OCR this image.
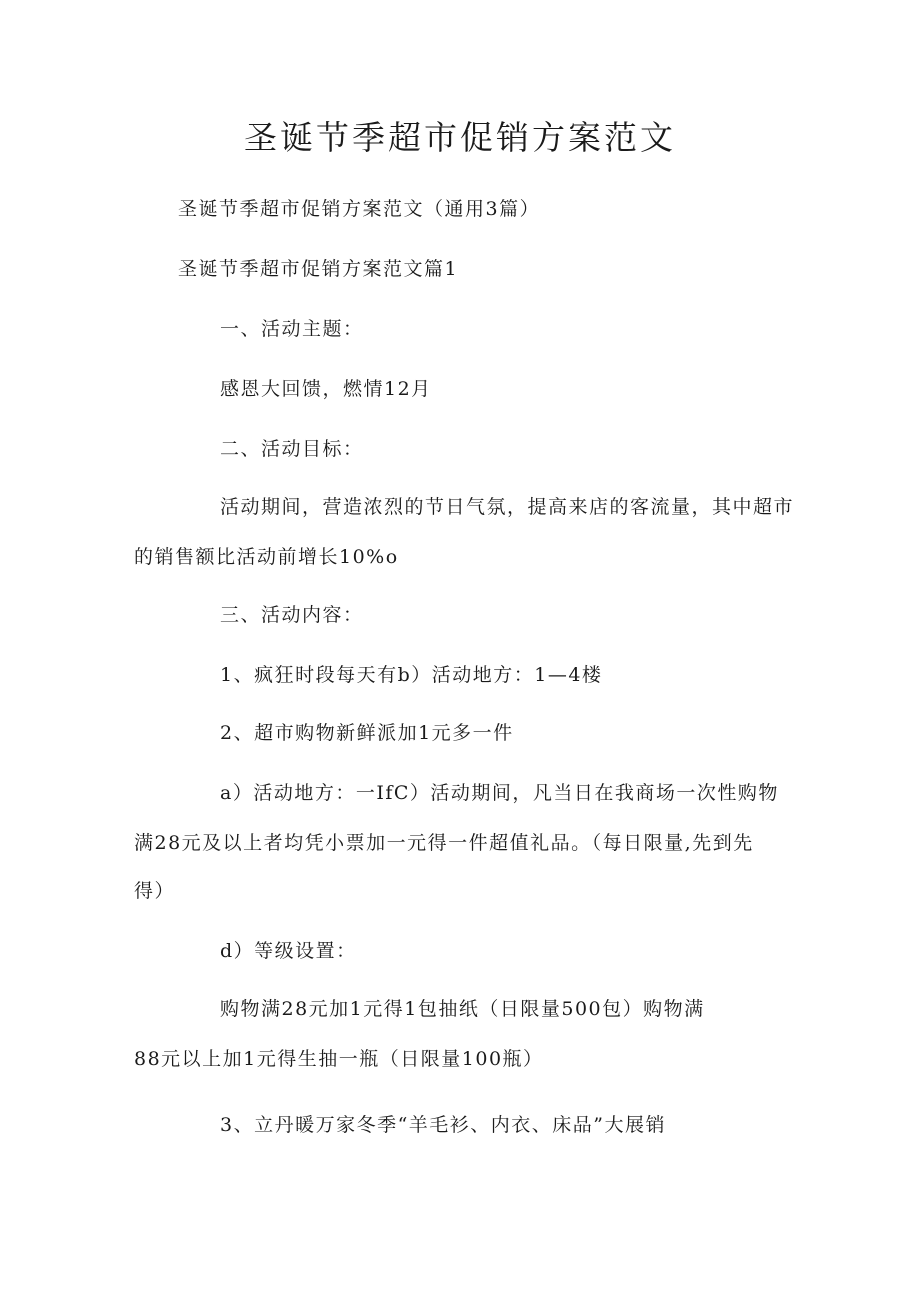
圣诞节季超市促销方案范文
圣诞节季超市促销方案范文（通用3篇）
圣诞节季超市促销方案范文篇1
一、活动主题：
感恩大回馈，燃情12月
二、活动目标：
活动期间，营造浓烈的节日气氛，提高来店的客流量，其中超市
的销售额比活动前增长10%o
三、活动内容：
1、疯狂时段每天有b）活动地方：1—4楼
2、超市购物新鲜派加1元多一件
a）活动地方：一IfC）活动期间，凡当日在我商场一次性购物
满28元及以上者均凭小票加一元得一件超值礼品。（每日限量,先到先
得）
d）等级设置：
购物满28元加1元得1包抽纸（日限量500包）购物满
88元以上加1元得生抽一瓶（日限量100瓶）
3、立丹暖万家冬季“羊毛衫、内衣、床品”大展销
